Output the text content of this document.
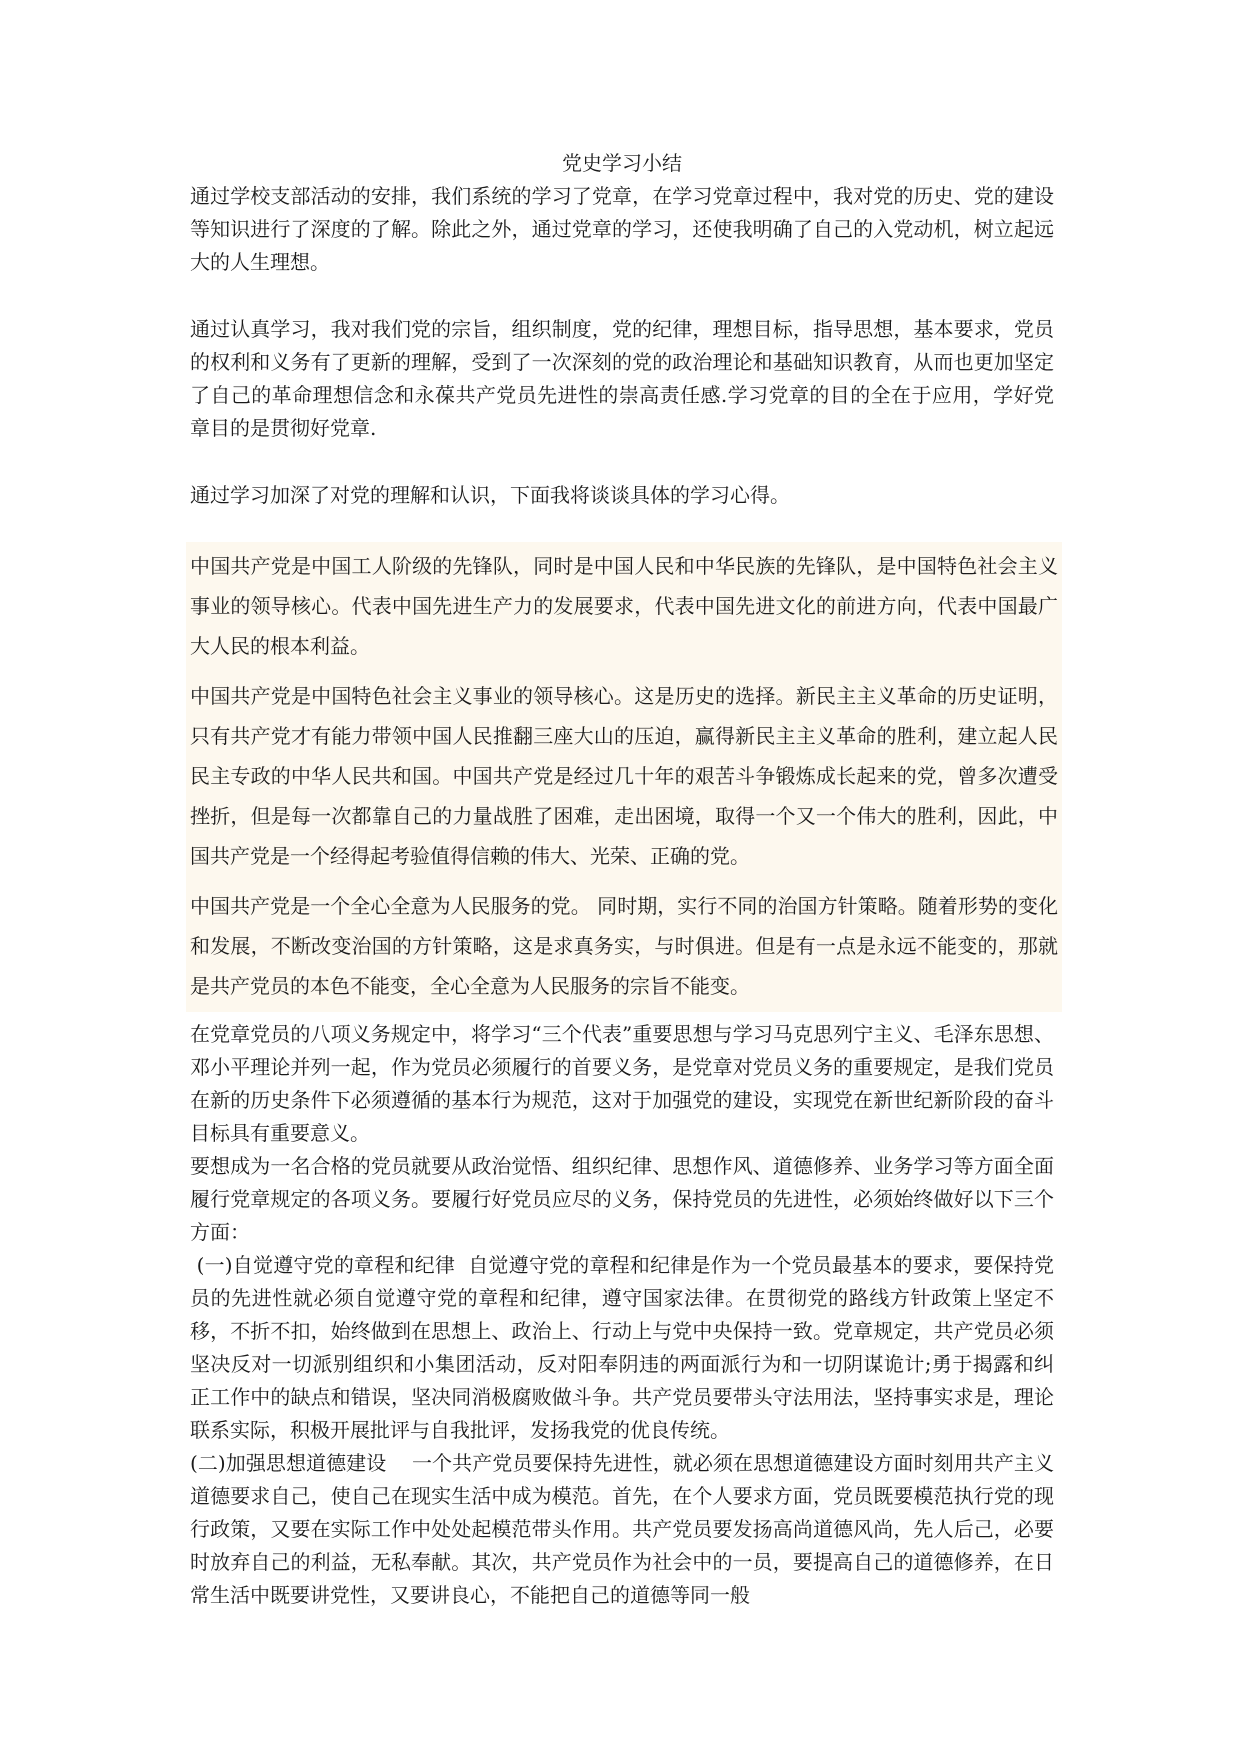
党史学习小结

通过学校支部活动的安排，我们系统的学习了党章，在学习党章过程中，我对党的历史、党的建设等知识进行了深度的了解。除此之外，通过党章的学习，还使我明确了自己的入党动机，树立起远大的人生理想。

通过认真学习，我对我们党的宗旨，组织制度，党的纪律，理想目标，指导思想，基本要求，党员的权利和义务有了更新的理解，受到了一次深刻的党的政治理论和基础知识教育，从而也更加坚定了自己的革命理想信念和永葆共产党员先进性的崇高责任感.学习党章的目的全在于应用，学好党章目的是贯彻好党章.

通过学习加深了对党的理解和认识，下面我将谈谈具体的学习心得。

中国共产党是中国工人阶级的先锋队，同时是中国人民和中华民族的先锋队，是中国特色社会主义事业的领导核心。代表中国先进生产力的发展要求，代表中国先进文化的前进方向，代表中国最广大人民的根本利益。

中国共产党是中国特色社会主义事业的领导核心。这是历史的选择。新民主主义革命的历史证明，只有共产党才有能力带领中国人民推翻三座大山的压迫，赢得新民主主义革命的胜利，建立起人民民主专政的中华人民共和国。中国共产党是经过几十年的艰苦斗争锻炼成长起来的党，曾多次遭受挫折，但是每一次都靠自己的力量战胜了困难，走出困境，取得一个又一个伟大的胜利，因此，中国共产党是一个经得起考验值得信赖的伟大、光荣、正确的党。

中国共产党是一个全心全意为人民服务的党。 同时期，实行不同的治国方针策略。随着形势的变化和发展，不断改变治国的方针策略，这是求真务实，与时俱进。但是有一点是永远不能变的，那就是共产党员的本色不能变，全心全意为人民服务的宗旨不能变。

在党章党员的八项义务规定中，将学习“三个代表”重要思想与学习马克思列宁主义、毛泽东思想、邓小平理论并列一起，作为党员必须履行的首要义务，是党章对党员义务的重要规定，是我们党员在新的历史条件下必须遵循的基本行为规范，这对于加强党的建设，实现党在新世纪新阶段的奋斗目标具有重要意义。

要想成为一名合格的党员就要从政治觉悟、组织纪律、思想作风、道德修养、业务学习等方面全面履行党章规定的各项义务。要履行好党员应尽的义务，保持党员的先进性，必须始终做好以下三个方面：

(一)自觉遵守党的章程和纪律  自觉遵守党的章程和纪律是作为一个党员最基本的要求，要保持党员的先进性就必须自觉遵守党的章程和纪律，遵守国家法律。在贯彻党的路线方针政策上坚定不移，不折不扣，始终做到在思想上、政治上、行动上与党中央保持一致。党章规定，共产党员必须坚决反对一切派别组织和小集团活动，反对阳奉阴违的两面派行为和一切阴谋诡计;勇于揭露和纠正工作中的缺点和错误，坚决同消极腐败做斗争。共产党员要带头守法用法，坚持事实求是，理论联系实际，积极开展批评与自我批评，发扬我党的优良传统。

(二)加强思想道德建设    一个共产党员要保持先进性，就必须在思想道德建设方面时刻用共产主义道德要求自己，使自己在现实生活中成为模范。首先，在个人要求方面，党员既要模范执行党的现行政策，又要在实际工作中处处起模范带头作用。共产党员要发扬高尚道德风尚，先人后己，必要时放弃自己的利益，无私奉献。其次，共产党员作为社会中的一员，要提高自己的道德修养，在日常生活中既要讲党性，又要讲良心，不能把自己的道德等同一般
